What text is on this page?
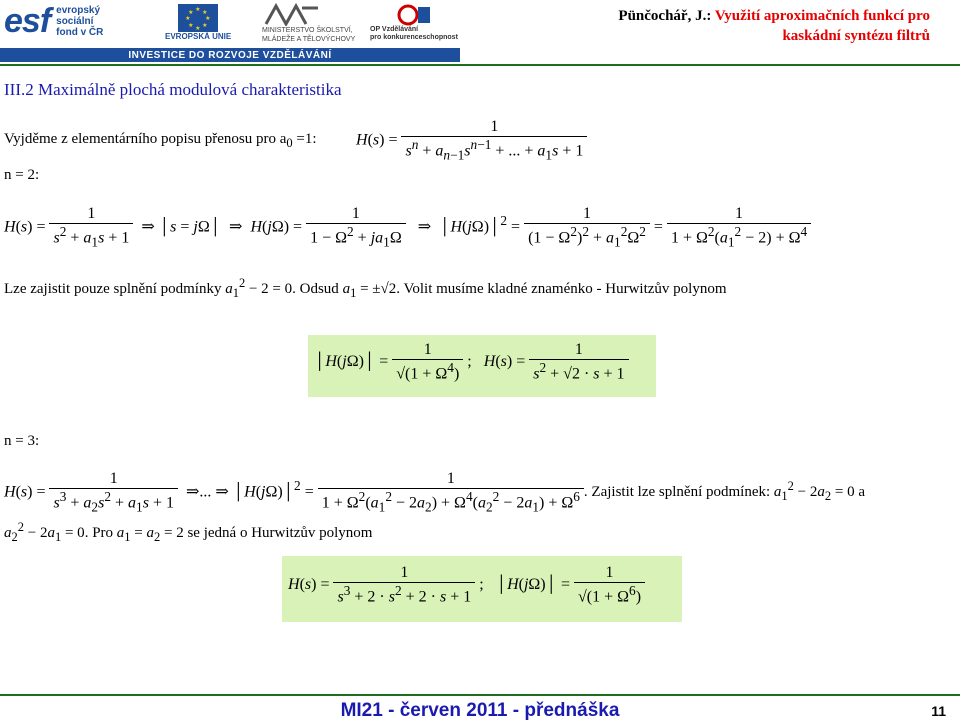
esf evropský
sociální
fond v ČR
★ ★
★
★
★
★
★
★
EVROPSKÁ UNIE
MINISTERSTVO ŠKOLSTVÍ,
MLÁDEŽE A TĚLOVÝCHOVY
OP Vzdělávání
pro konkurenceschopnost
INVESTICE DO ROZVOJE VZDĚLÁVÁNÍ
Pünčochář, J.: Využití aproximačních funkcí pro
kaskádní syntézu filtrů
III.2 Maximálně plochá modulová charakteristika
Vyjděme z elementárního popisu přenosu pro $a_0 =1$: $H(s) = \frac{1}{s^n + a_{n-1}s^{n-1} + ... + a_1s + 1}$
n = 2:
$H(s) = \frac{1}{s^2 + a_1s + 1}$ ⇒ │s = jΩ│  ⇒  $H(j\Omega) = \frac{1}{1 - \Omega^2 + ja_1\Omega}$ ⇒  │H(jΩ)│$^2$ = $\frac{1}{(1 - \Omega^2)^2 + a_1^2\Omega^2} = \frac{1}{1 + \Omega^2(a_1^2 - 2) + \Omega^4}$
Lze zajistit pouze splnění podmínky $a_1^2 - 2 = 0$. Odsud $a_1 = \pm√2$. Volit musíme kladné znaménko - Hurwitzův polynom
│H(jΩ)│ = $\frac{1}{√(1 + \Omega^4)}$ ;   $H(s) = \frac{1}{s^2 + √2 \cdot s + 1}$
n = 3:
$H(s) = \frac{1}{s^3 + a_2s^2 + a_1s + 1}$ ⇒... ⇒ │H(jΩ)│$^2$ = $\frac{1}{1 + \Omega^2(a_1^2 - 2a_2) + \Omega^4(a_2^2 - 2a_1) + \Omega^6}$ . Zajistit lze splnění podmínek: $a_1^2 - 2a_2 = 0$ a
$a_2^2 - 2a_1 = 0$. Pro $a_1 = a_2 = 2$ se jedná o Hurwitzův polynom
$H(s) = \frac{1}{s^3 + 2 \cdot s^2 + 2 \cdot s + 1}$ ;   │H(jΩ)│ = $\frac{1}{√(1 + \Omega^6)}$
MI21 - červen 2011 - přednáška	11
